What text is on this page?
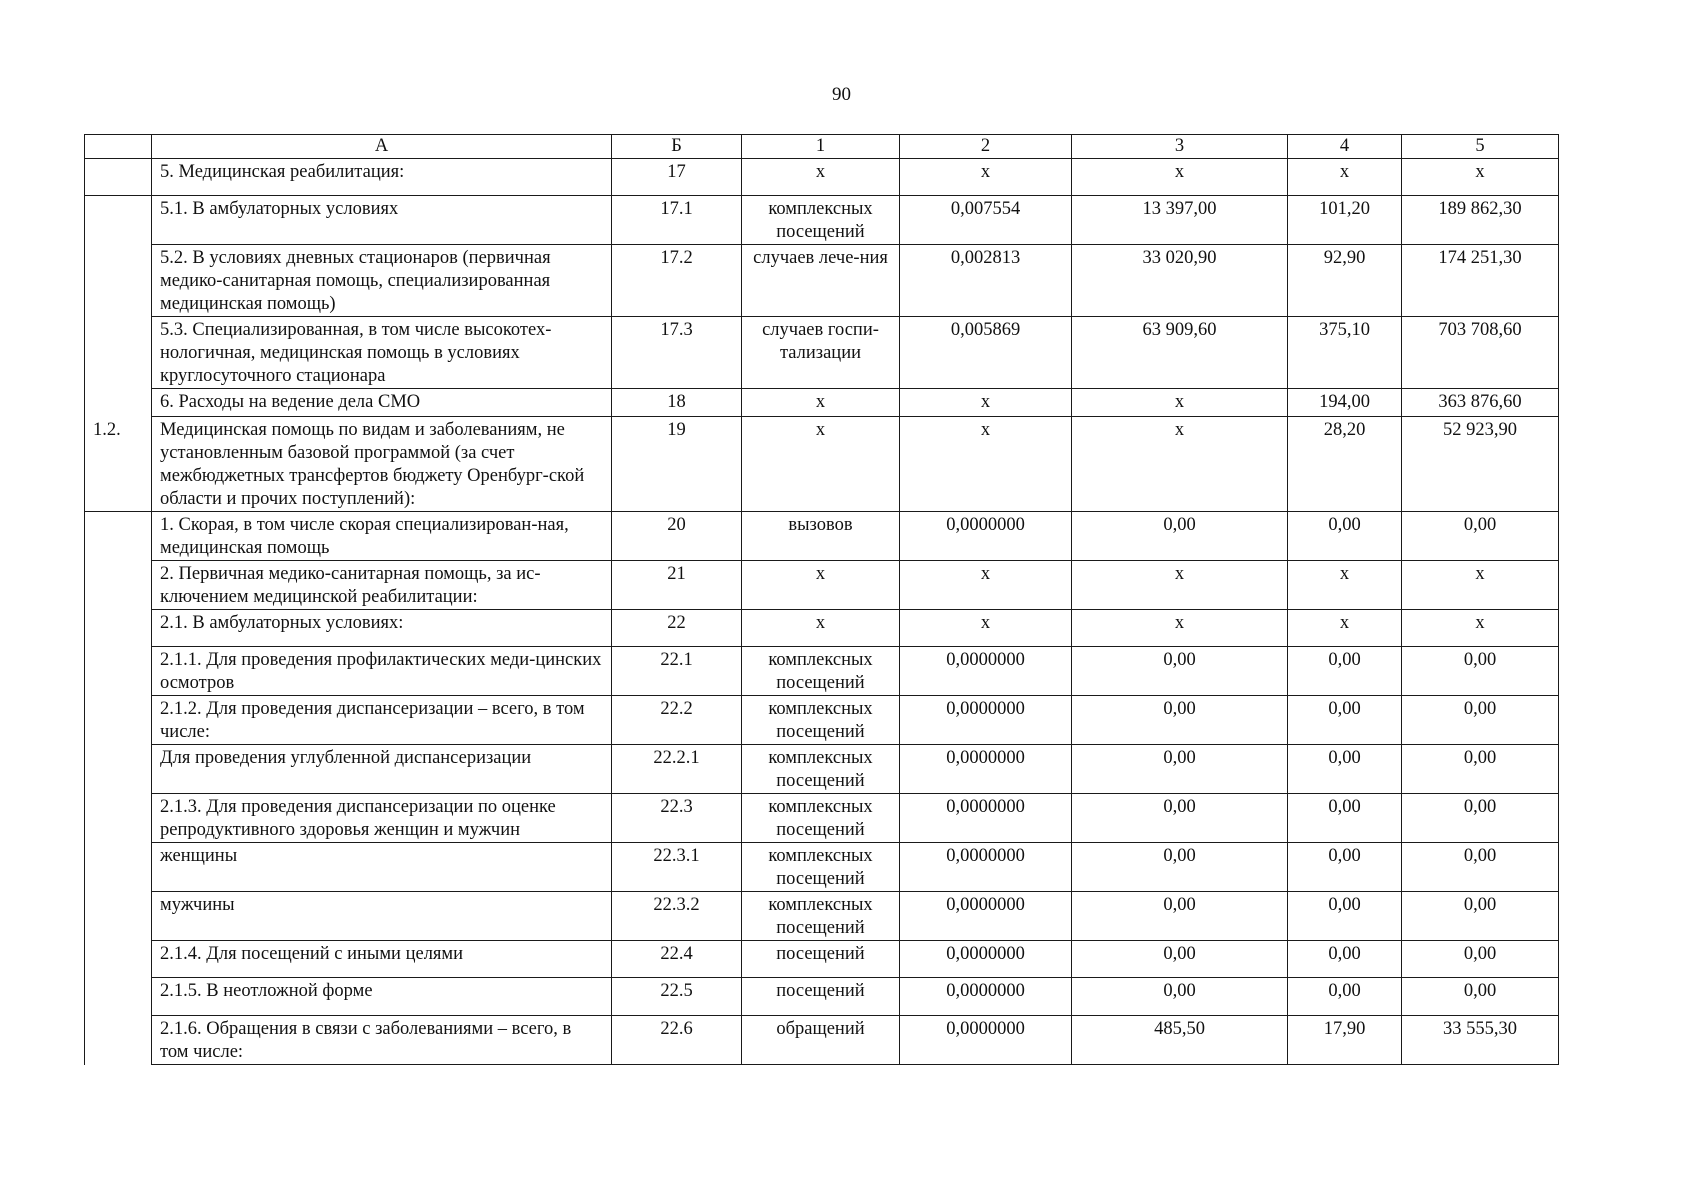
90
	А	Б	1	2	3	4	5
	5. Медицинская реабилитация:	17	х	х	х	х	х
	5.1. В амбулаторных условиях	17.1	комплексных посещений	0,007554	13 397,00	101,20	189 862,30
	5.2. В условиях дневных стационаров (первичная медико-санитарная помощь, специализированная медицинская помощь)	17.2	случаев лече-ния	0,002813	33 020,90	92,90	174 251,30
	5.3. Специализированная, в том числе высокотех-нологичная, медицинская помощь в условиях круглосуточного стационара	17.3	случаев госпи-тализации	0,005869	63 909,60	375,10	703 708,60
	6. Расходы на ведение дела СМО	18	х	х	х	194,00	363 876,60
1.2.	Медицинская помощь по видам и заболеваниям, не установленным базовой программой (за счет межбюджетных трансфертов бюджету Оренбург-ской области и прочих поступлений):	19	х	х	х	28,20	52 923,90
	1. Скорая, в том числе скорая специализирован-ная, медицинская помощь	20	вызовов	0,0000000	0,00	0,00	0,00
	2. Первичная медико-санитарная помощь, за ис-ключением медицинской реабилитации:	21	х	х	х	х	х
	2.1. В амбулаторных условиях:	22	х	х	х	х	х
	2.1.1. Для проведения профилактических меди-цинских осмотров	22.1	комплексных посещений	0,0000000	0,00	0,00	0,00
	2.1.2. Для проведения диспансеризации – всего, в том числе:	22.2	комплексных посещений	0,0000000	0,00	0,00	0,00
	Для проведения углубленной диспансеризации	22.2.1	комплексных посещений	0,0000000	0,00	0,00	0,00
	2.1.3. Для проведения диспансеризации по оценке репродуктивного здоровья женщин и мужчин	22.3	комплексных посещений	0,0000000	0,00	0,00	0,00
	женщины	22.3.1	комплексных посещений	0,0000000	0,00	0,00	0,00
	мужчины	22.3.2	комплексных посещений	0,0000000	0,00	0,00	0,00
	2.1.4. Для посещений с иными целями	22.4	посещений	0,0000000	0,00	0,00	0,00
	2.1.5. В неотложной форме	22.5	посещений	0,0000000	0,00	0,00	0,00
	2.1.6. Обращения в связи с заболеваниями – всего, в том числе:	22.6	обращений	0,0000000	485,50	17,90	33 555,30
